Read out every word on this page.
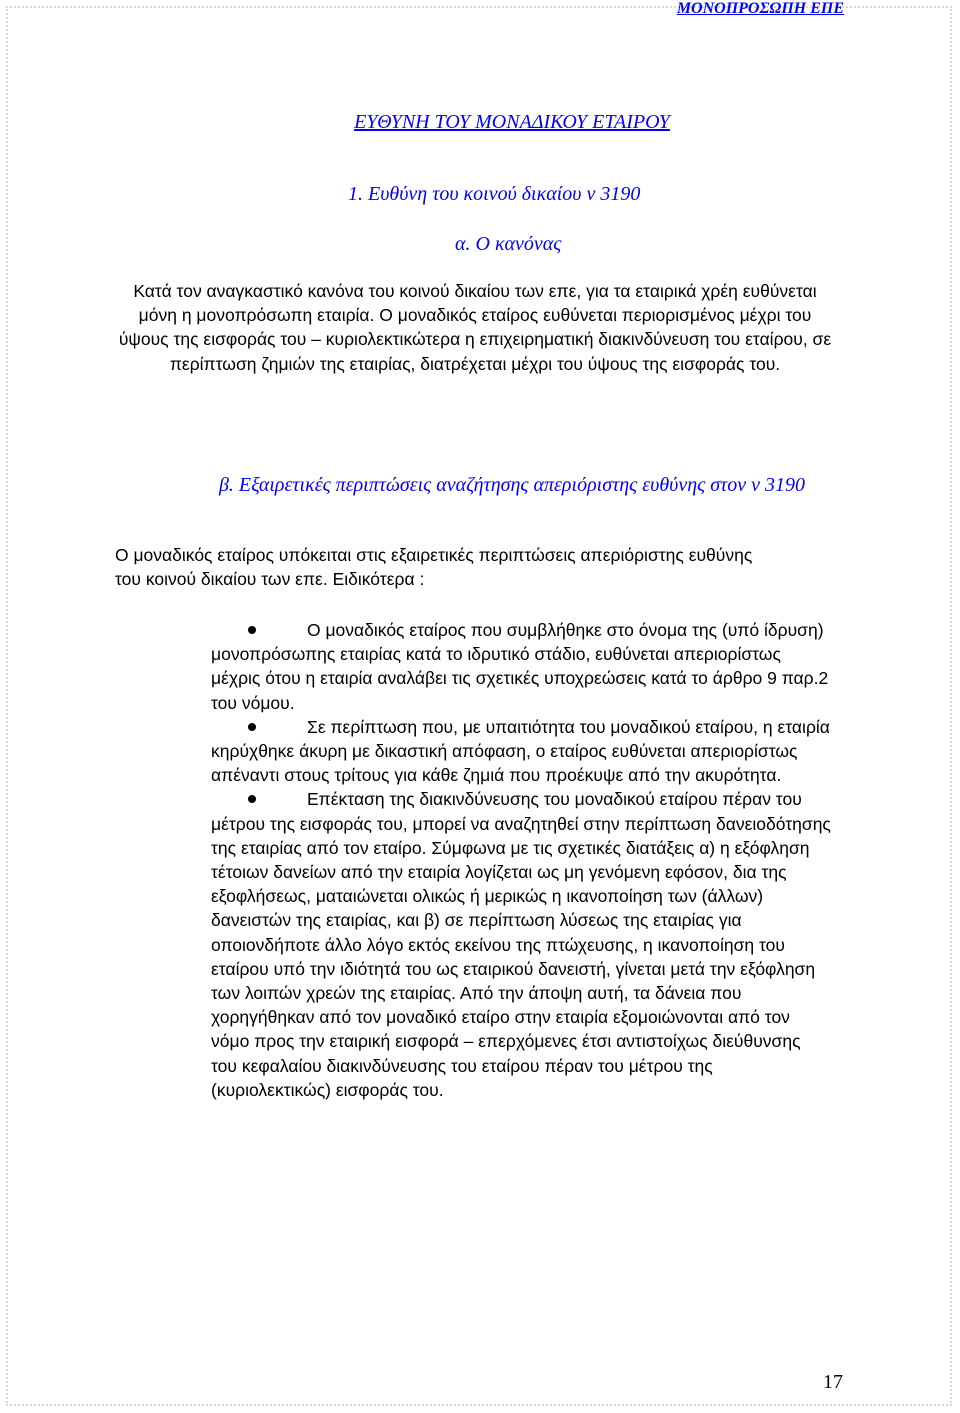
ΜΟΝΟΠΡΟΣΩΠΗ ΕΠΕ
ΕΥΘΥΝΗ ΤΟΥ ΜΟΝΑΔΙΚΟΥ ΕΤΑΙΡΟΥ
1. Ευθύνη του κοινού δικαίου ν 3190
α. Ο κανόνας
Κατά τον αναγκαστικό κανόνα του κοινού δικαίου των επε, για τα εταιρικά χρέη ευθύνεται μόνη η μονοπρόσωπη εταιρία. Ο μοναδικός εταίρος ευθύνεται περιορισμένος μέχρι του ύψους της εισφοράς του – κυριολεκτικώτερα η επιχειρηματική διακινδύνευση του εταίρου, σε περίπτωση ζημιών της εταιρίας, διατρέχεται μέχρι του ύψους της εισφοράς του.
β. Εξαιρετικές περιπτώσεις αναζήτησης απεριόριστης ευθύνης στον ν 3190
Ο μοναδικός εταίρος υπόκειται στις εξαιρετικές περιπτώσεις απεριόριστης ευθύνης του κοινού δικαίου των επε. Ειδικότερα :
Ο μοναδικός εταίρος που συμβλήθηκε στο όνομα της (υπό ίδρυση) μονοπρόσωπης εταιρίας κατά το ιδρυτικό στάδιο, ευθύνεται απεριορίστως μέχρις ότου η εταιρία αναλάβει τις σχετικές υποχρεώσεις κατά το άρθρο 9 παρ.2 του νόμου.
Σε περίπτωση που, με υπαιτιότητα του μοναδικού εταίρου, η εταιρία κηρύχθηκε άκυρη με δικαστική απόφαση, ο εταίρος ευθύνεται απεριορίστως απέναντι στους τρίτους για κάθε ζημιά που προέκυψε από την ακυρότητα.
Επέκταση της διακινδύνευσης του μοναδικού εταίρου πέραν του μέτρου της εισφοράς του, μπορεί να αναζητηθεί στην περίπτωση δανειοδότησης της εταιρίας από τον εταίρο. Σύμφωνα με τις σχετικές διατάξεις α) η εξόφληση τέτοιων δανείων από την εταιρία λογίζεται ως μη γενόμενη εφόσον, δια της εξοφλήσεως, ματαιώνεται ολικώς ή μερικώς η ικανοποίηση των (άλλων) δανειστών της εταιρίας, και β) σε περίπτωση λύσεως της εταιρίας για οποιονδήποτε άλλο λόγο εκτός εκείνου της πτώχευσης, η ικανοποίηση του εταίρου υπό την ιδιότητά του ως εταιρικού δανειστή, γίνεται μετά την εξόφληση των λοιπών χρεών της εταιρίας. Από την άποψη αυτή, τα δάνεια που χορηγήθηκαν από τον μοναδικό εταίρο στην εταιρία εξομοιώνονται από τον νόμο προς την εταιρική εισφορά – επερχόμενες έτσι αντιστοίχως διεύθυνσης του κεφαλαίου διακινδύνευσης του εταίρου πέραν του μέτρου της (κυριολεκτικώς) εισφοράς του.
17
